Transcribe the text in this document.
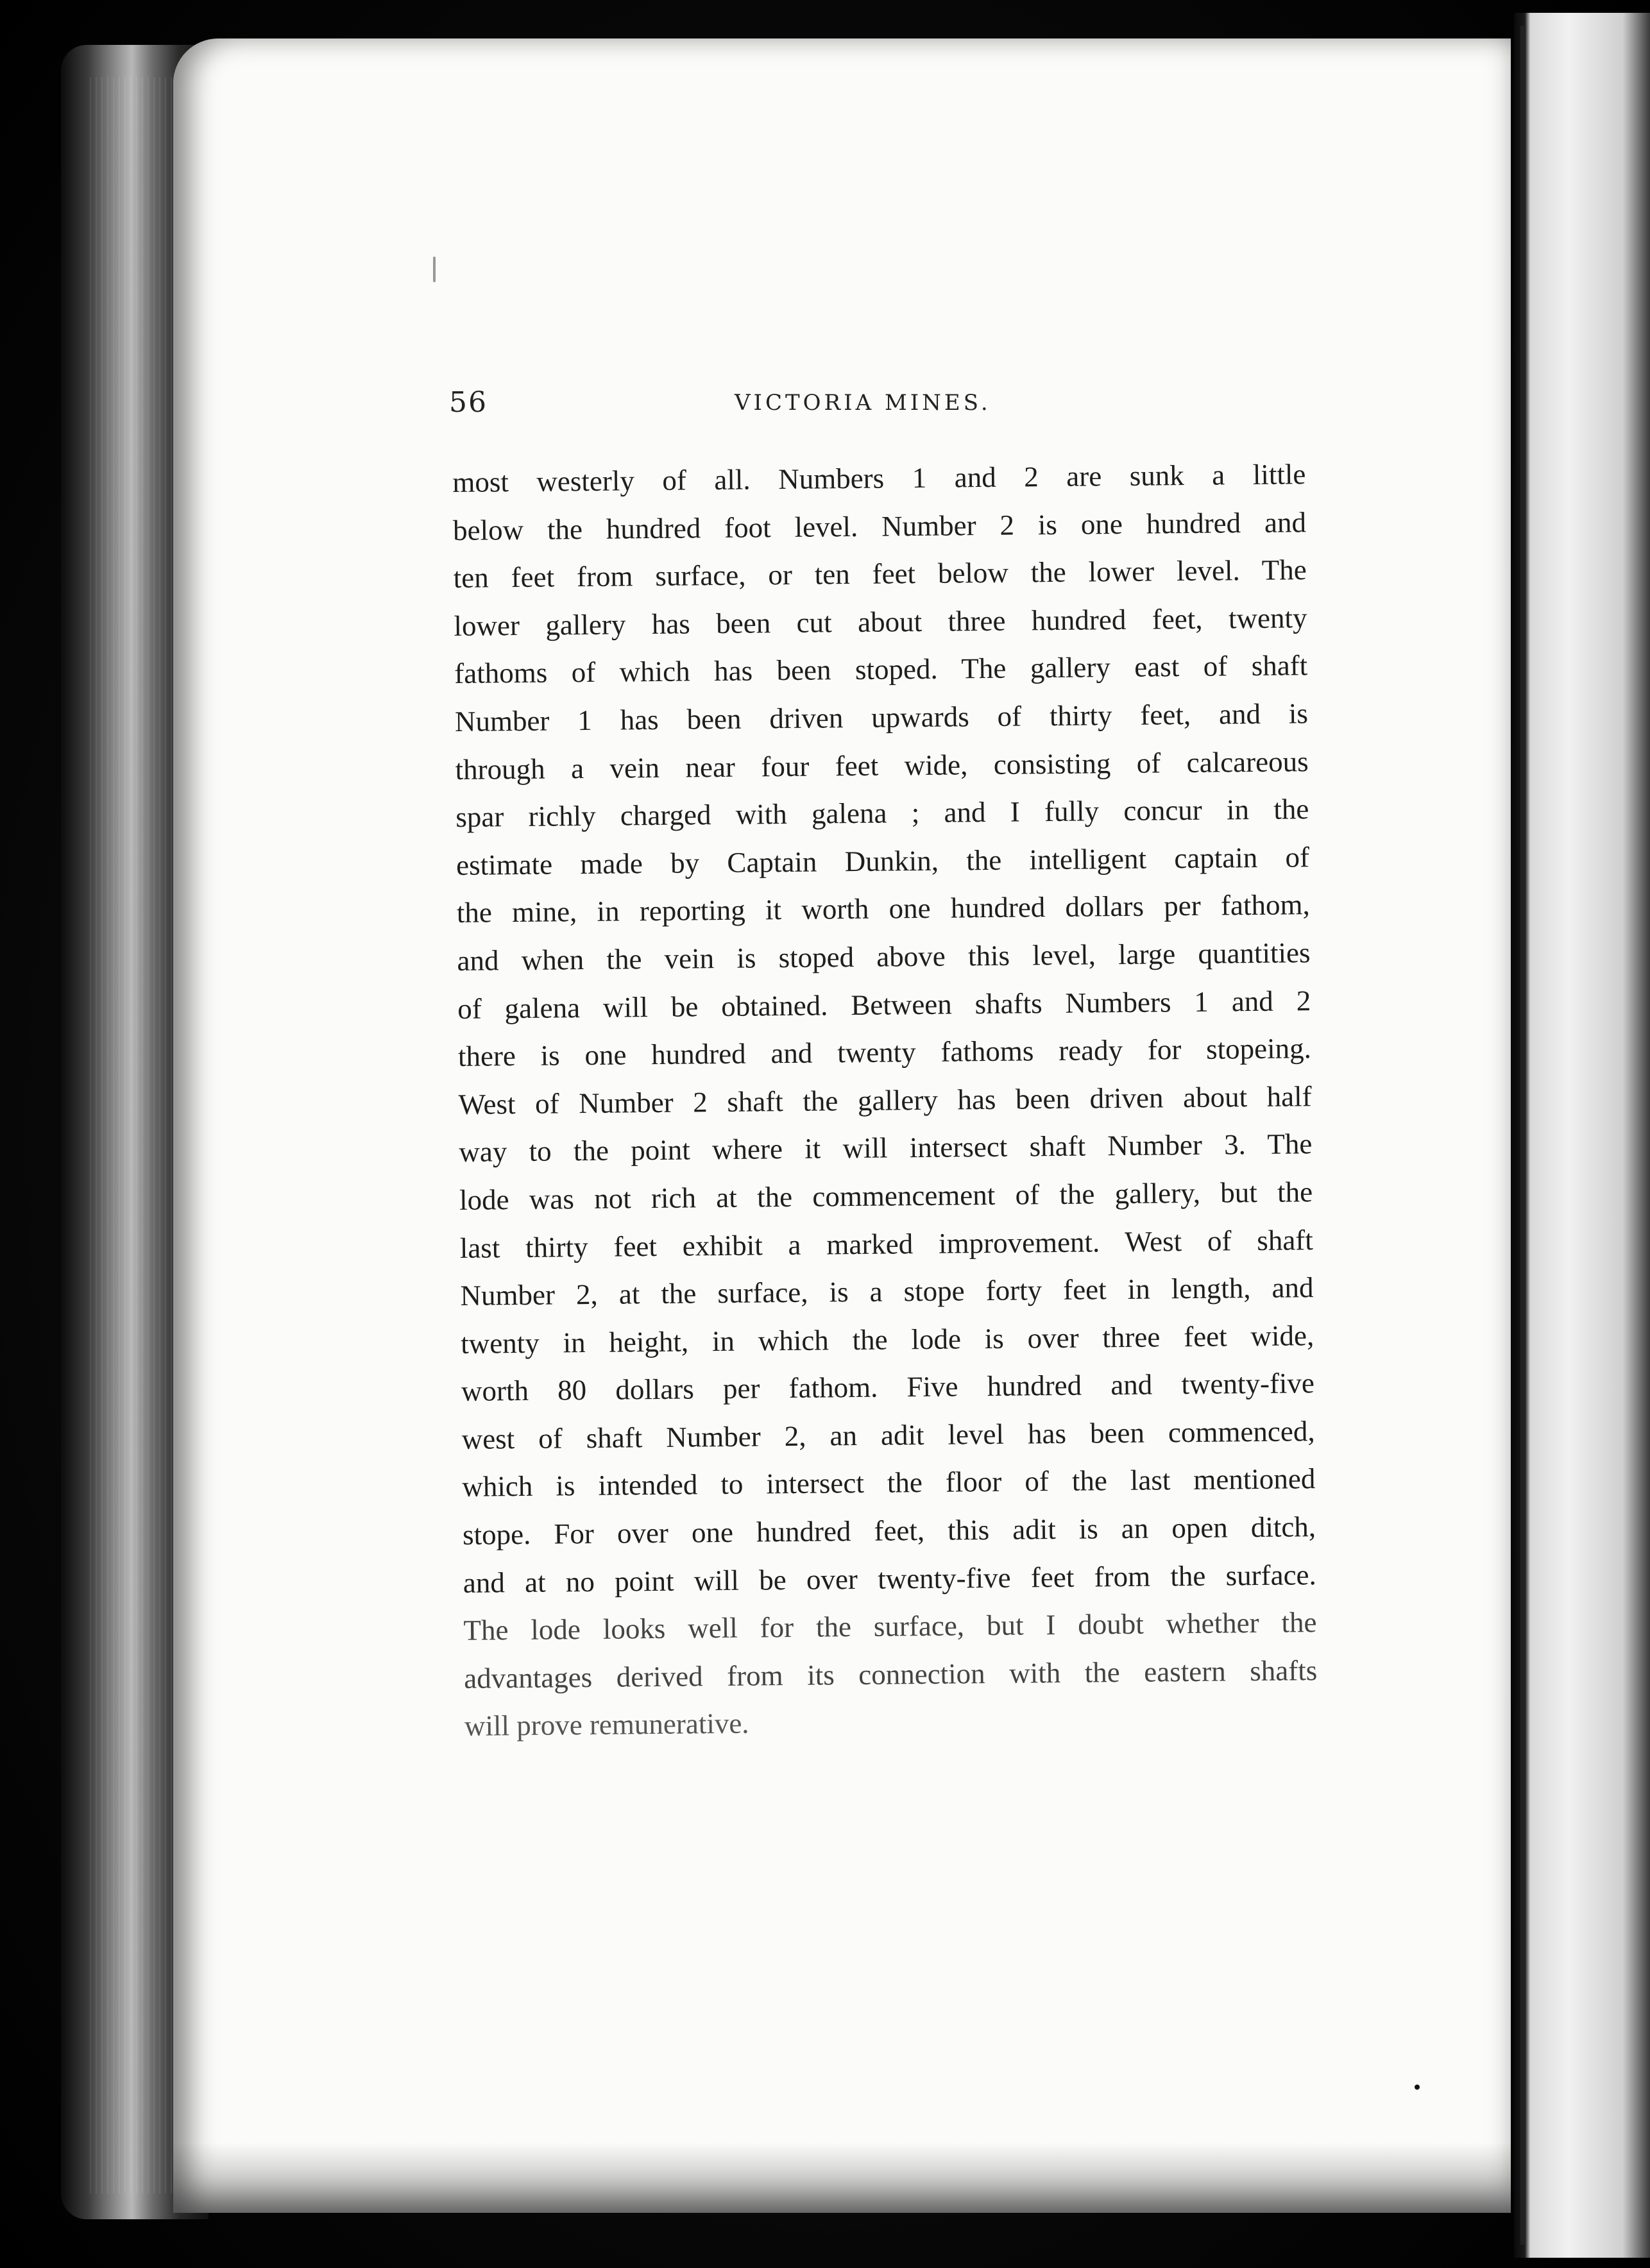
56	VICTORIA MINES.
most westerly of all. Numbers 1 and 2 are sunk a little
below the hundred foot level. Number 2 is one hundred and
ten feet from surface, or ten feet below the lower level. The
lower gallery has been cut about three hundred feet, twenty
fathoms of which has been stoped. The gallery east of shaft
Number 1 has been driven upwards of thirty feet, and is
through a vein near four feet wide, consisting of calcareous
spar richly charged with galena ; and I fully concur in the
estimate made by Captain Dunkin, the intelligent captain of
the mine, in reporting it worth one hundred dollars per fathom,
and when the vein is stoped above this level, large quantities
of galena will be obtained. Between shafts Numbers 1 and 2
there is one hundred and twenty fathoms ready for stopeing.
West of Number 2 shaft the gallery has been driven about half
way to the point where it will intersect shaft Number 3. The
lode was not rich at the commencement of the gallery, but the
last thirty feet exhibit a marked improvement. West of shaft
Number 2, at the surface, is a stope forty feet in length, and
twenty in height, in which the lode is over three feet wide,
worth 80 dollars per fathom. Five hundred and twenty-five
west of shaft Number 2, an adit level has been commenced,
which is intended to intersect the floor of the last mentioned
stope. For over one hundred feet, this adit is an open ditch,
and at no point will be over twenty-five feet from the surface.
The lode looks well for the surface, but I doubt whether the
advantages derived from its connection with the eastern shafts
will prove remunerative.
